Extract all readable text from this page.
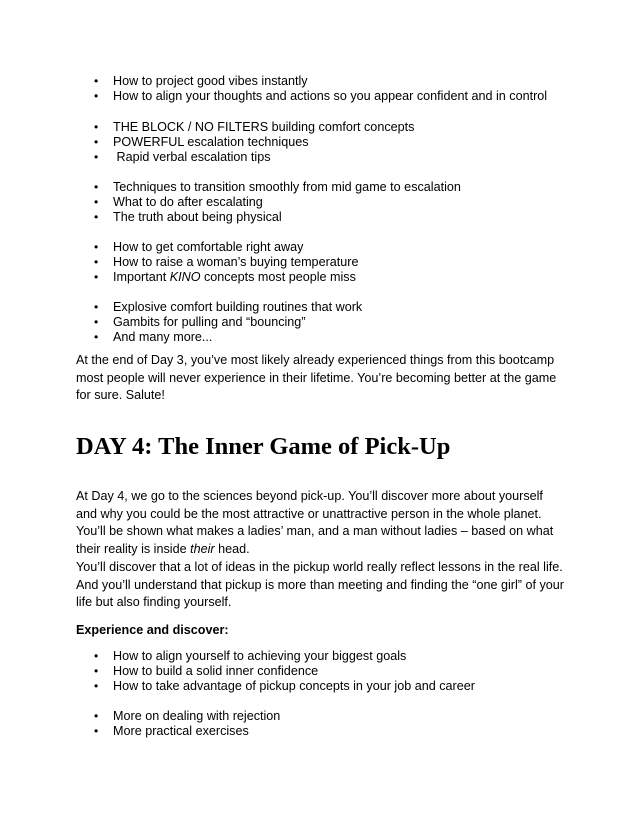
• How to project good vibes instantly
• How to align your thoughts and actions so you appear confident and in control
• THE BLOCK / NO FILTERS building comfort concepts
• POWERFUL escalation techniques
• Rapid verbal escalation tips
• Techniques to transition smoothly from mid game to escalation
• What to do after escalating
• The truth about being physical
• How to get comfortable right away
• How to raise a woman’s buying temperature
• Important KINO concepts most people miss
• Explosive comfort building routines that work
• Gambits for pulling and “bouncing”
• And many more...
At the end of Day 3, you’ve most likely already experienced things from this bootcamp
most people will never experience in their lifetime. You’re becoming better at the game
for sure. Salute!
DAY 4: The Inner Game of Pick-Up
At Day 4, we go to the sciences beyond pick-up. You’ll discover more about yourself
and why you could be the most attractive or unattractive person in the whole planet.
You’ll be shown what makes a ladies’ man, and a man without ladies – based on what
their reality is inside their head.
You’ll discover that a lot of ideas in the pickup world really reflect lessons in the real life.
And you’ll understand that pickup is more than meeting and finding the “one girl” of your
life but also finding yourself.
Experience and discover:
• How to align yourself to achieving your biggest goals
• How to build a solid inner confidence
• How to take advantage of pickup concepts in your job and career
• More on dealing with rejection
• More practical exercises
